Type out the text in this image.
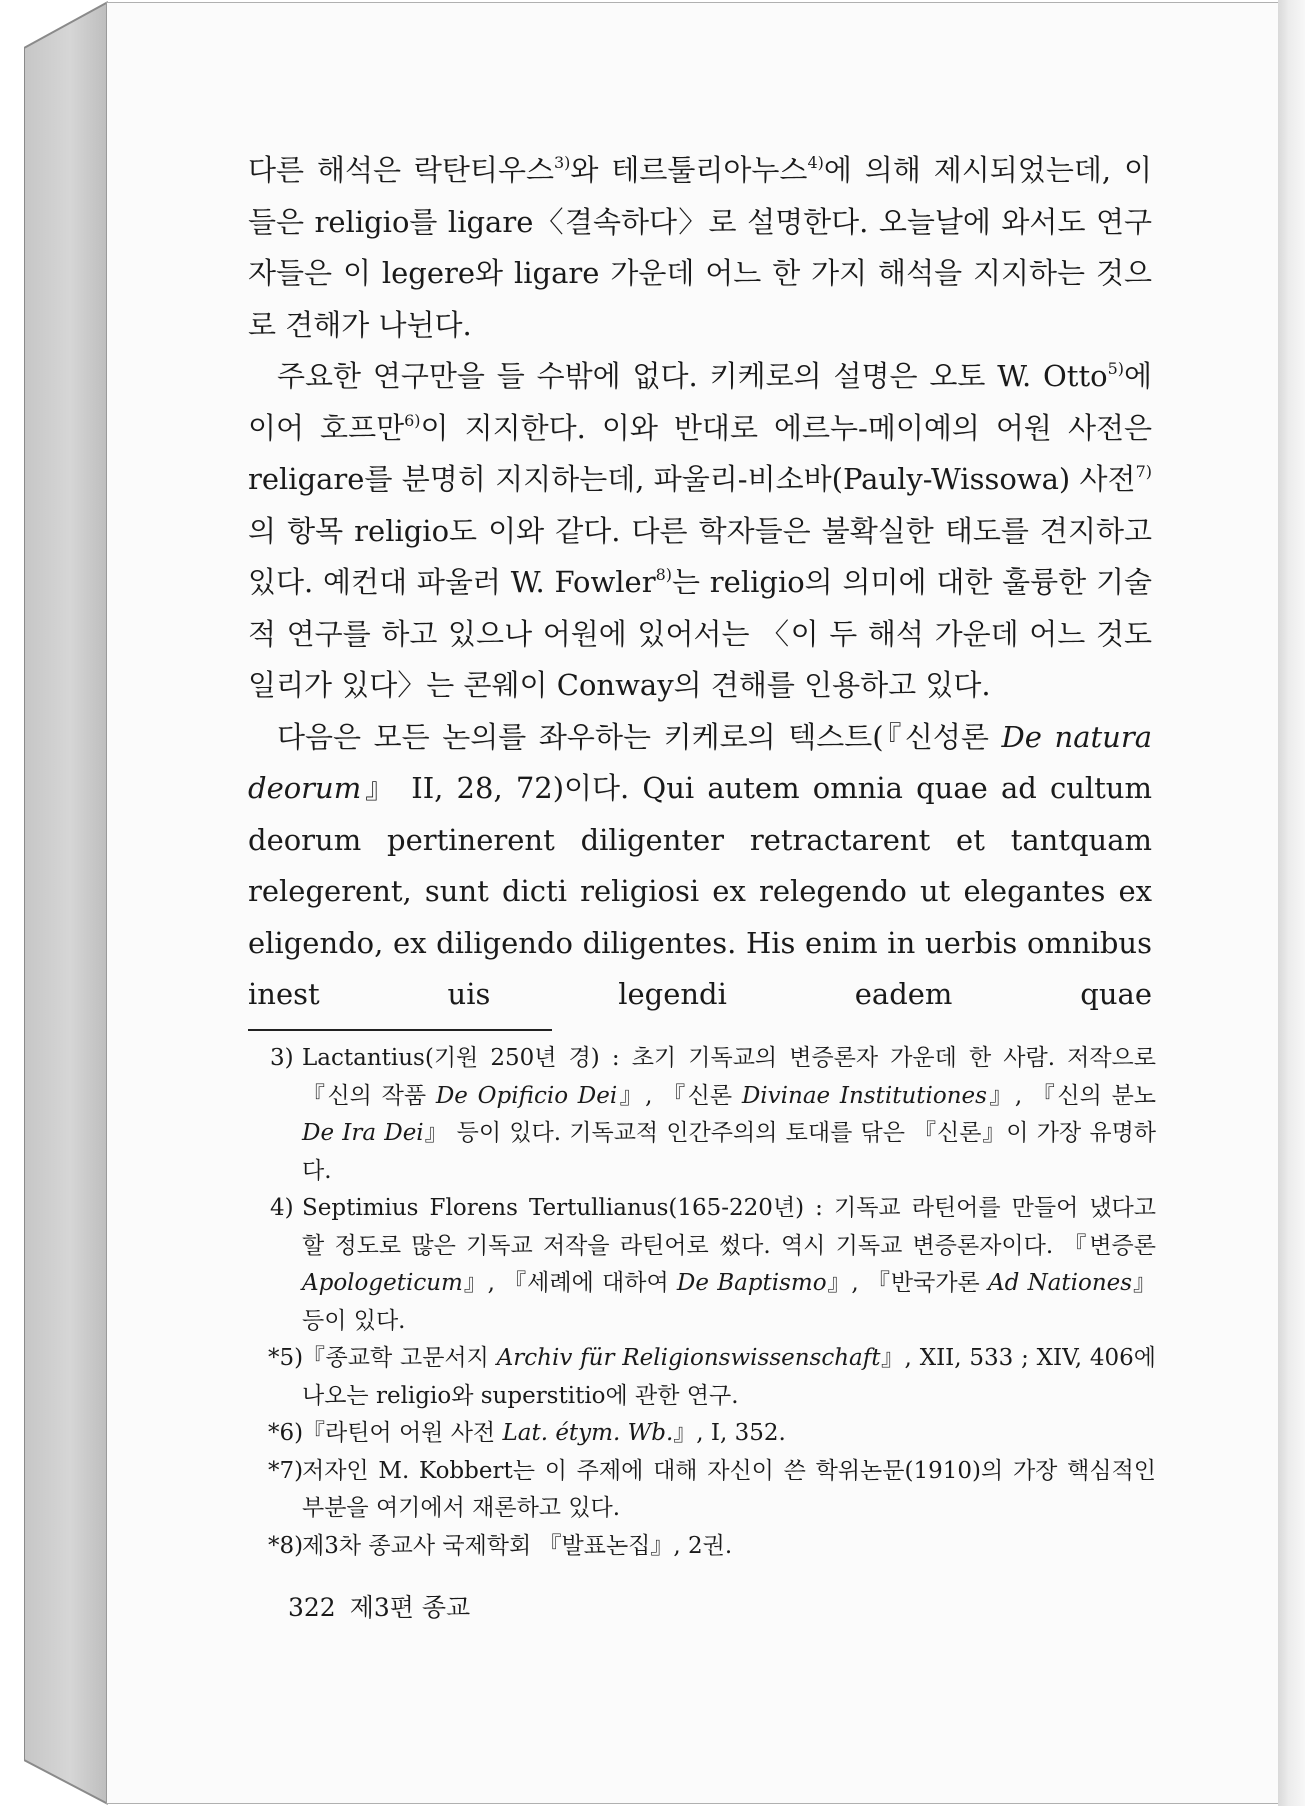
다른 해석은 락탄티우스$^{3)}$와 테르툴리아누스$^{4)}$에 의해 제시되었는데, 이들은 religio를 ligare〈결속하다〉로 설명한다. 오늘날에 와서도 연구자들은 이 legere와 ligare 가운데 어느 한 가지 해석을 지지하는 것으로 견해가 나뉜다.

주요한 연구만을 들 수밖에 없다. 키케로의 설명은 오토 W. Otto$^{5)}$에 이어 호프만$^{6)}$이 지지한다. 이와 반대로 에르누-메이예의 어원 사전은 religare를 분명히 지지하는데, 파울리-비소바(Pauly-Wissowa) 사전$^{7)}$의 항목 religio도 이와 같다. 다른 학자들은 불확실한 태도를 견지하고 있다. 예컨대 파울러 W. Fowler$^{8)}$는 religio의 의미에 대한 훌륭한 기술적 연구를 하고 있으나 어원에 있어서는 〈이 두 해석 가운데 어느 것도 일리가 있다〉는 콘웨이 Conway의 견해를 인용하고 있다.

다음은 모든 논의를 좌우하는 키케로의 텍스트(『신성론 De natura deorum』 II, 28, 72)이다. Qui autem omnia quae ad cultum deorum pertinerent diligenter retractarent et tantquam relegerent, sunt dicti religiosi ex relegendo ut elegantes ex eligendo, ex diligendo diligentes. His enim in uerbis omnibus inest uis legendi eadem quae

3) Lactantius(기원 250년 경) : 초기 기독교의 변증론자 가운데 한 사람. 저작으로 『신의 작품 De Opificio Dei』, 『신론 Divinae Institutiones』, 『신의 분노 De Ira Dei』 등이 있다. 기독교적 인간주의의 토대를 닦은 『신론』이 가장 유명하다.
4) Septimius Florens Tertullianus(165-220년) : 기독교 라틴어를 만들어 냈다고 할 정도로 많은 기독교 저작을 라틴어로 썼다. 역시 기독교 변증론자이다. 『변증론 Apologeticum』, 『세례에 대하여 De Baptismo』, 『반국가론 Ad Nationes』 등이 있다.
*5)
『종교학 고문서지 Archiv für Religionswissenschaft』, XII, 533 ; XIV, 406에 나오는 religio와 superstitio에 관한 연구.
*6)
『라틴어 어원 사전 Lat. étym. Wb.』, I, 352.
*7)
저자인 M. Kobbert는 이 주제에 대해 자신이 쓴 학위논문(1910)의 가장 핵심적인 부분을 여기에서 재론하고 있다.
*8)
제3차 종교사 국제학회 『발표논집』, 2권.
322 제3편 종교
